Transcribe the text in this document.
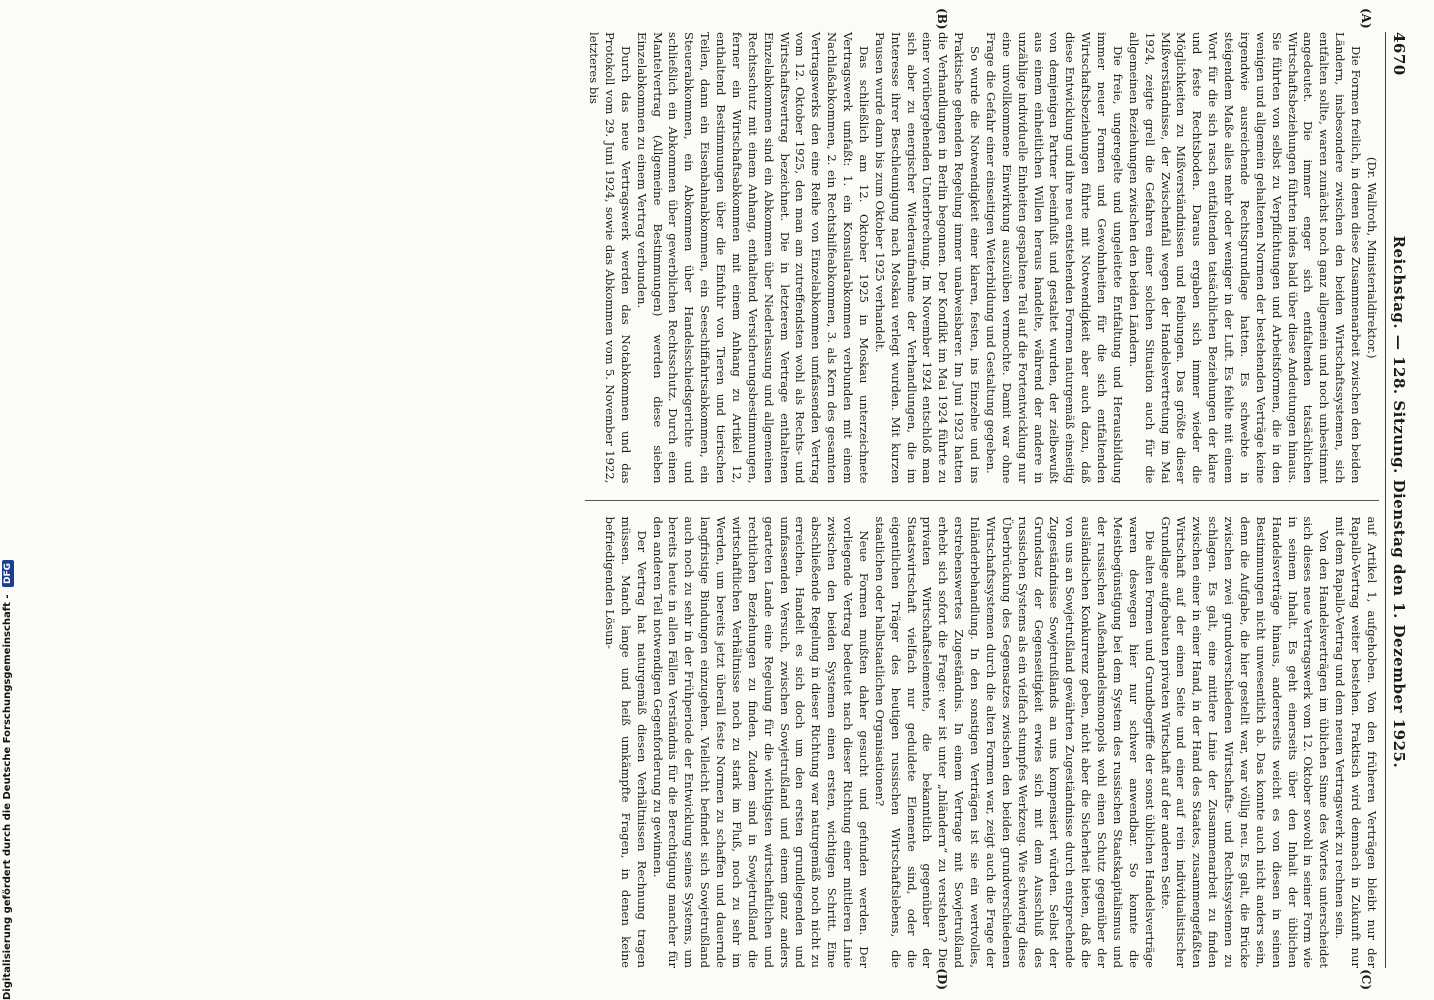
4670
Reichstag. — 128. Sitzung. Dienstag den 1. Dezember 1925.
(A)
(B)
(C)
(D)

(Dr. Wallroth, Ministerialdirektor.)

Die Formen freilich, in denen diese Zusammenarbeit zwischen den beiden Ländern, insbesondere zwischen den beiden Wirtschaftssystemen, sich entfalten sollte, waren zunächst noch ganz allgemein und noch unbestimmt angedeutet. Die immer enger sich entfaltenden tatsächlichen Wirtschaftsbeziehungen führten indes bald über diese Andeutungen hinaus. Sie führten von selbst zu Verpflichtungen und Arbeitsformen, die in den wenigen und allgemein gehaltenen Normen der bestehenden Verträge keine irgendwie ausreichende Rechtsgrundlage hatten. Es schwebte in steigendem Maße alles mehr oder weniger in der Luft. Es fehlte mit einem Wort für die sich rasch entfaltenden tatsächlichen Beziehungen der klare und feste Rechtsboden. Daraus ergaben sich immer wieder die Möglichkeiten zu Mißverständnissen und Reibungen. Das größte dieser Mißverständnisse, der Zwischenfall wegen der Handelsvertretung im Mai 1924, zeigte grell die Gefahren einer solchen Situation auch für die allgemeinen Beziehungen zwischen den beiden Ländern.

Die freie, ungeregelte und ungeleitete Entfaltung und Herausbildung immer neuer Formen und Gewohnheiten für die sich entfaltenden Wirtschaftsbeziehungen führte mit Notwendigkeit aber auch dazu, daß diese Entwicklung und ihre neu entstehenden Formen naturgemäß einseitig von demjenigen Partner beeinflußt und gestaltet wurden, der zielbewußt aus einem einheitlichen Willen heraus handelte, während der andere in unzählige individuelle Einheiten gespaltene Teil auf die Fortentwicklung nur eine unvollkommene Einwirkung auszuüben vermochte. Damit war ohne Frage die Gefahr einer einseitigen Weiterbildung und Gestaltung gegeben.

So wurde die Notwendigkeit einer klaren, festen, ins Einzelne und ins Praktische gehenden Regelung immer unabweisbarer. Im Juni 1923 hatten die Verhandlungen in Berlin begonnen. Der Konflikt im Mai 1924 führte zu einer vorübergehenden Unterbrechung. Im November 1924 entschloß man sich aber zu energischer Wiederaufnahme der Verhandlungen, die im Interesse ihrer Beschleunigung nach Moskau verlegt wurden. Mit kurzen Pausen wurde dann bis zum Oktober 1925 verhandelt.

Das schließlich am 12. Oktober 1925 in Moskau unterzeichnete Vertragswerk umfaßt: 1. ein Konsularabkommen verbunden mit einem Nachlaßabkommen, 2. ein Rechtshilfeabkommen, 3. als Kern des gesamten Vertragswerks den eine Reihe von Einzelabkommen umfassenden Vertrag vom 12. Oktober 1925, den man am zutreffendsten wohl als Rechts- und Wirtschaftsvertrag bezeichnet. Die in letzterem Vertrage enthaltenen Einzelabkommen sind ein Abkommen über Niederlassung und allgemeinen Rechtsschutz mit einem Anhang, enthaltend Versicherungsbestimmungen, ferner ein Wirtschaftsabkommen mit einem Anhang zu Artikel 12, enthaltend Bestimmungen über die Einfuhr von Tieren und tierischen Teilen, dann ein Eisenbahnabkommen, ein Seeschiffahrtsabkommen, ein Steuerabkommen, ein Abkommen über Handelsschiedsgerichte und schließlich ein Abkommen über gewerblichen Rechtsschutz. Durch einen Mantelvertrag (Allgemeine Bestimmungen) werden diese sieben Einzelabkommen zu einem Vertrag verbunden.

Durch das neue Vertragswerk werden das Notabkommen und das Protokoll vom 29. Juni 1924, sowie das Abkommen vom 5. November 1922, letzteres bis

auf Artikel 1, aufgehoben. Von den früheren Verträgen bleibt nur der Rapallo-Vertrag weiter bestehen. Praktisch wird demnach in Zukunft nur mit dem Rapallo-Vertrag und dem neuen Vertragswerk zu rechnen sein.

Von den Handelsverträgen im üblichen Sinne des Wortes unterscheidet sich dieses neue Vertragswerk vom 12. Oktober sowohl in seiner Form wie in seinem Inhalt. Es geht einerseits über den Inhalt der üblichen Handelsverträge hinaus, andererseits weicht es von diesen in seinen Bestimmungen nicht unwesentlich ab. Das konnte auch nicht anders sein, denn die Aufgabe, die hier gestellt war, war völlig neu. Es galt, die Brücke zwischen zwei grundverschiedenen Wirtschafts- und Rechtssystemen zu schlagen. Es galt, eine mittlere Linie der Zusammenarbeit zu finden zwischen einer in einer Hand, in der Hand des Staates, zusammengefaßten Wirtschaft auf der einen Seite und einer auf rein individualistischer Grundlage aufgebauten privaten Wirtschaft auf der anderen Seite.

Die alten Formen und Grundbegriffe der sonst üblichen Handelsverträge waren deswegen hier nur schwer anwendbar. So konnte die Meistbegünstigung bei dem System des russischen Staatskapitalismus und der russischen Außenhandelsmonopols wohl einen Schutz gegenüber der ausländischen Konkurrenz geben, nicht aber die Sicherheit bieten, daß die von uns an Sowjetrußland gewährten Zugeständnisse durch entsprechende Zugeständnisse Sowjetrußlands an uns kompensiert würden. Selbst der Grundsatz der Gegenseitigkeit erwies sich mit dem Ausschluß des russischen Systems als ein vielfach stumpfes Werkzeug. Wie schwierig diese Überbrückung des Gegensatzes zwischen den beiden grundverschiedenen Wirtschaftssystemen durch die alten Formen war, zeigt auch die Frage der Inländerbehandlung. In den sonstigen Verträgen ist sie ein wertvolles, erstrebenswertes Zugeständnis. In einem Vertrage mit Sowjetrußland erhebt sich sofort die Frage: wer ist unter „Inländern“ zu verstehen? Die privaten Wirtschaftselemente, die bekanntlich gegenüber der Staatswirtschaft vielfach nur geduldete Elemente sind, oder die eigentlichen Träger des heutigen russischen Wirtschaftslebens, die staatlichen oder halbstaatlichen Organisationen?

Neue Formen mußten daher gesucht und gefunden werden. Der vorliegende Vertrag bedeutet nach dieser Richtung einer mittleren Linie zwischen den beiden Systemen einen ersten, wichtigen Schritt. Eine abschließende Regelung in dieser Richtung war naturgemäß noch nicht zu erreichen. Handelt es sich doch um den ersten grundlegenden und umfassenden Versuch, zwischen Sowjetrußland und einem ganz anders gearteten Lande eine Regelung für die wichtigsten wirtschaftlichen und rechtlichen Beziehungen zu finden. Zudem sind in Sowjetrußland die wirtschaftlichen Verhältnisse noch zu stark im Fluß, noch zu sehr im Werden, um bereits jetzt überall feste Normen zu schaffen und dauernde langfristige Bindungen einzugehen. Vielleicht befindet sich Sowjetrußland auch noch zu sehr in der Frühperiode der Entwicklung seines Systems, um bereits heute in allen Fällen Verständnis für die Berechtigung mancher für den anderen Teil notwendigen Gegenforderung zu gewinnen.

Der Vertrag hat naturgemäß diesen Verhältnissen Rechnung tragen müssen. Manch lange und heiß umkämpfte Fragen, in denen keine befriedigenden Lösun-

Digitalisierung gefördert durch die Deutsche Forschungsgemeinschaft - DFG
